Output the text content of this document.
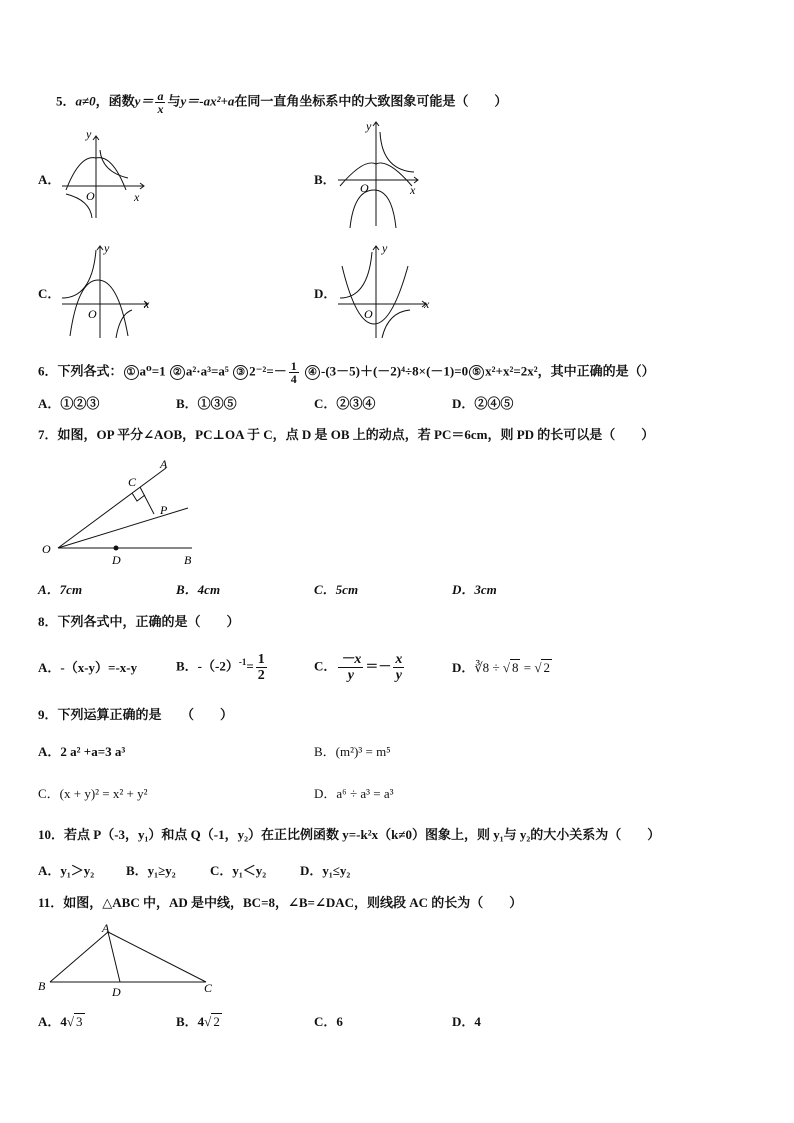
5．a≠0，函数$y= \frac{a}{x}$ 与y＝-ax²+a在同一直角坐标系中的大致图象可能是（　　）
A．
x
y
O
B．
x
y
O
C．
x
y
O
D．
x
y
O
6．下列各式： ① a⁰=1 ② a²·a³=a⁵ ③ $2^{-2}=- \frac{1}{4}$ ④ -(3－5)＋(－2)⁴÷8×(－1)=0 ⑤ x²+x²=2x²，其中正确的是（）
A．①②③	B．①③⑤	C．②③④	D．②④⑤
7．如图，OP 平分∠AOB，PC⊥OA 于 C，点 D 是 OB 上的动点，若 PC＝6cm，则 PD 的长可以是（　　）
A
C
P
O
D	B
A．7cm	B．4cm	C．5cm	D．3cm
8．下列各式中，正确的是（　　）
A．-（x-y）=-x-y	B．$-(-2)^{-1}= \frac{1}{2}$	C． $\frac{-x}{y} =- \frac{x}{y}$	D．∛8 ÷ √ 8 = √ 2
9．下列运算正确的是　　（　　）
A．2 a² +a=3 a³	B．(m²)³ = m⁵
C．(x + y)² = x² + y²	D．a⁶ ÷ a³ = a³
10．若点 P（-3，y₁）和点 Q（-1，y₂）在正比例函数 y=-k²x（k≠0）图象上，则 y₁与 y₂的大小关系为（　　）
A．y₁＞y₂ B．y₁≥y₂	C．y₁＜y₂	D．y₁≤y₂
11．如图，△ABC 中，AD 是中线，BC=8，∠B=∠DAC，则线段 AC 的长为（　　）
A
B	D	C
A．4√ 3	B．4√ 2	C．6	D．4
